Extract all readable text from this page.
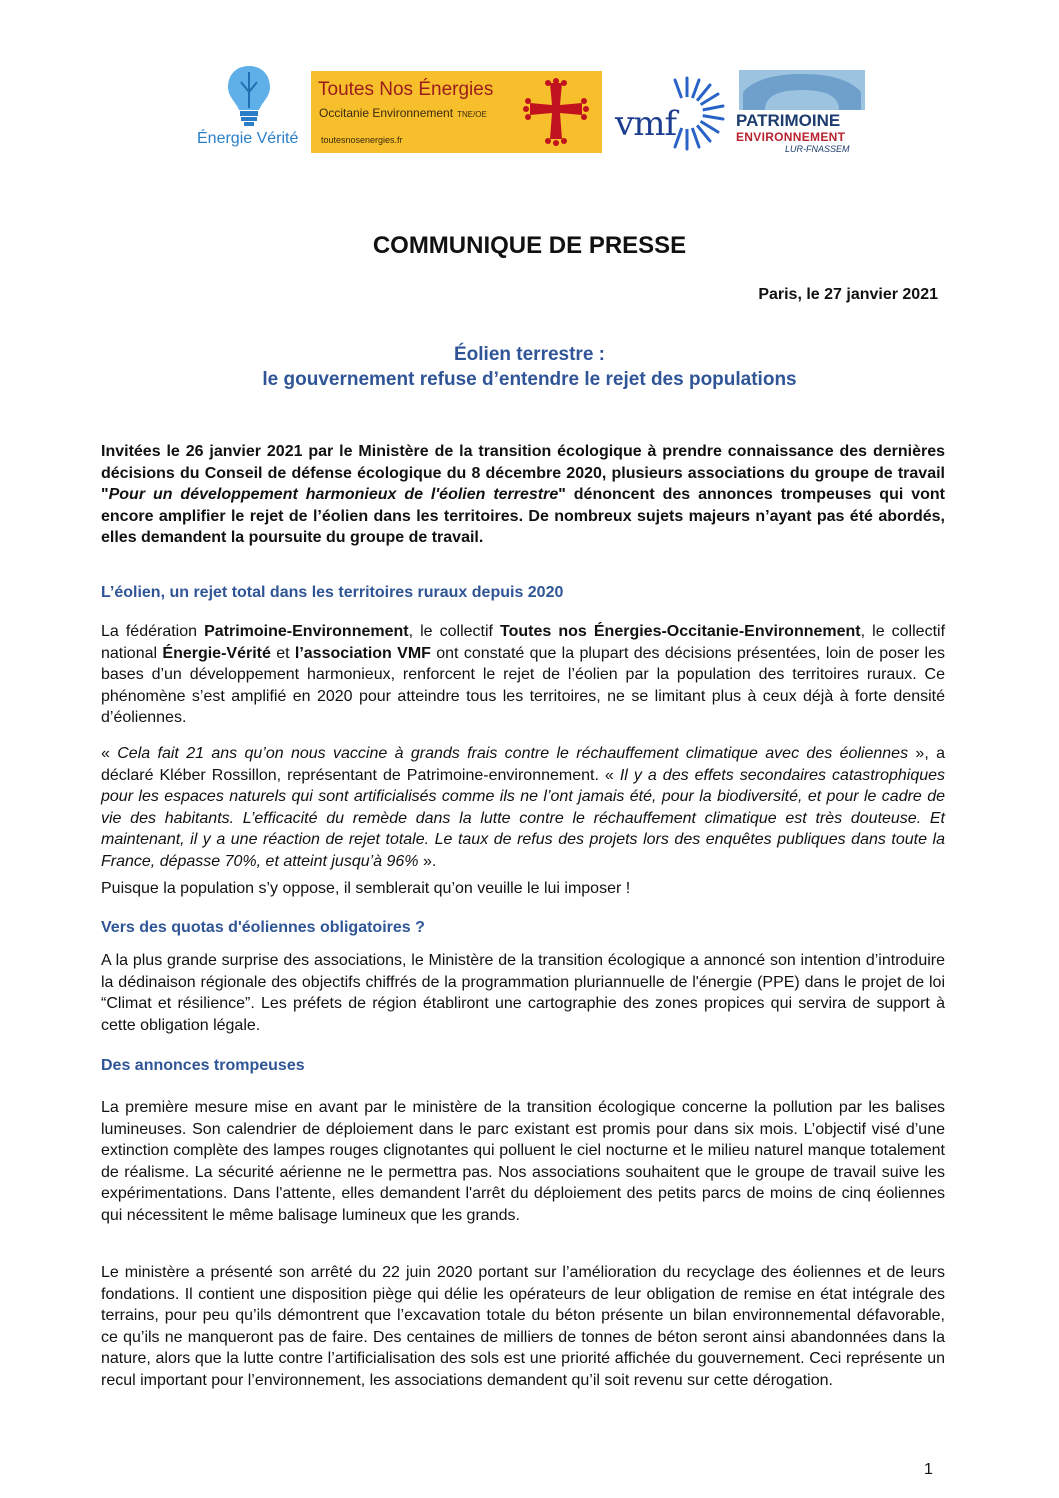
Énergie Vérité
Toutes Nos Énergies
Occitanie Environnement TNE/OE
toutesnosenergies.fr	vmf	PATRIMOINE
ENVIRONNEMENT
LUR-FNASSEM
COMMUNIQUE DE PRESSE
Paris, le 27 janvier 2021
Éolien terrestre :
le gouvernement refuse d’entendre le rejet des populations

Invitées le 26 janvier 2021 par le Ministère de la transition écologique à prendre connaissance des dernières décisions du Conseil de défense écologique du 8 décembre 2020, plusieurs associations du groupe de travail "Pour un développement harmonieux de l'éolien terrestre" dénoncent des annonces trompeuses qui vont encore amplifier le rejet de l’éolien dans les territoires. De nombreux sujets majeurs n’ayant pas été abordés, elles demandent la poursuite du groupe de travail.

L’éolien, un rejet total dans les territoires ruraux depuis 2020

La fédération Patrimoine-Environnement, le collectif Toutes nos Énergies-Occitanie-Environnement, le collectif national Énergie-Vérité et l’association VMF ont constaté que la plupart des décisions présentées, loin de poser les bases d’un développement harmonieux, renforcent le rejet de l’éolien par la population des territoires ruraux. Ce phénomène s’est amplifié en 2020 pour atteindre tous les territoires, ne se limitant plus à ceux déjà à forte densité d’éoliennes.

« Cela fait 21 ans qu’on nous vaccine à grands frais contre le réchauffement climatique avec des éoliennes », a déclaré Kléber Rossillon, représentant de Patrimoine-environnement. « Il y a des effets secondaires catastrophiques pour les espaces naturels qui sont artificialisés comme ils ne l’ont jamais été, pour la biodiversité, et pour le cadre de vie des habitants. L’efficacité du remède dans la lutte contre le réchauffement climatique est très douteuse. Et maintenant, il y a une réaction de rejet totale. Le taux de refus des projets lors des enquêtes publiques dans toute la France, dépasse 70%, et atteint jusqu’à 96% ».

Puisque la population s’y oppose, il semblerait qu’on veuille le lui imposer !

Vers des quotas d'éoliennes obligatoires ?

A la plus grande surprise des associations, le Ministère de la transition écologique a annoncé son intention d’introduire la dédinaison régionale des objectifs chiffrés de la programmation pluriannuelle de l'énergie (PPE) dans le projet de loi “Climat et résilience”. Les préfets de région établiront une cartographie des zones propices qui servira de support à cette obligation légale.

Des annonces trompeuses

La première mesure mise en avant par le ministère de la transition écologique concerne la pollution par les balises lumineuses. Son calendrier de déploiement dans le parc existant est promis pour dans six mois. L’objectif visé d’une extinction complète des lampes rouges clignotantes qui polluent le ciel nocturne et le milieu naturel manque totalement de réalisme. La sécurité aérienne ne le permettra pas. Nos associations souhaitent que le groupe de travail suive les expérimentations. Dans l'attente, elles demandent l'arrêt du déploiement des petits parcs de moins de cinq éoliennes qui nécessitent le même balisage lumineux que les grands.

Le ministère a présenté son arrêté du 22 juin 2020 portant sur l’amélioration du recyclage des éoliennes et de leurs fondations. Il contient une disposition piège qui délie les opérateurs de leur obligation de remise en état intégrale des terrains, pour peu qu’ils démontrent que l’excavation totale du béton présente un bilan environnemental défavorable, ce qu’ils ne manqueront pas de faire. Des centaines de milliers de tonnes de béton seront ainsi abandonnées dans la nature, alors que la lutte contre l’artificialisation des sols est une priorité affichée du gouvernement. Ceci représente un recul important pour l’environnement, les associations demandent qu’il soit revenu sur cette dérogation.

1
